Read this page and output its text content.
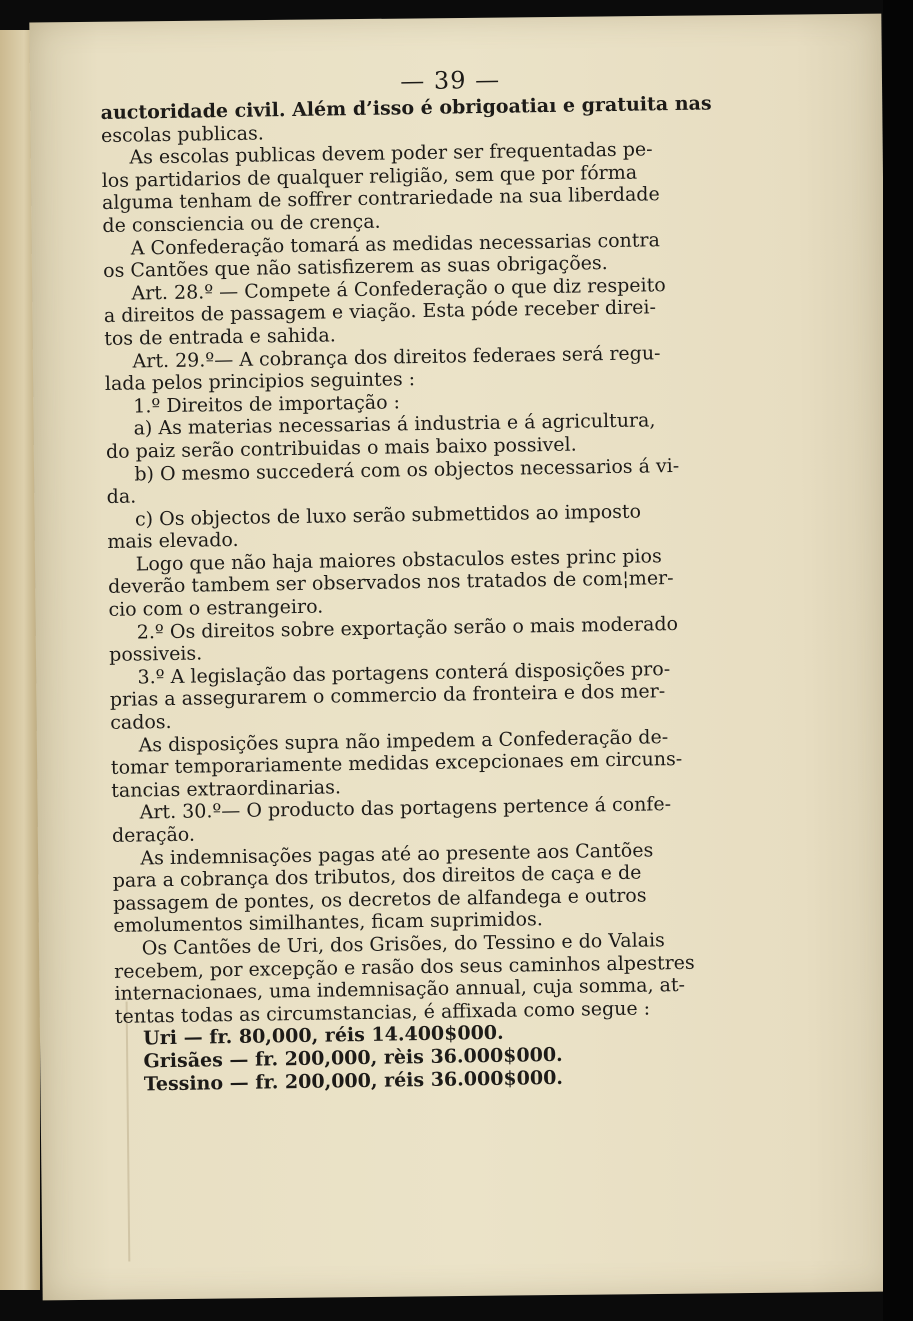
— 39 —
auctoridade civil. Além d’isso é obrigoatiaı e gratuita nas
escolas publicas.
As escolas publicas devem poder ser frequentadas pe-
los partidarios de qualquer religião, sem que por fórma
alguma tenham de soffrer contrariedade na sua liberdade
de consciencia ou de crença.
A Confederação tomará as medidas necessarias contra
os Cantões que não satisfizerem as suas obrigações.
Art. 28.º — Compete á Confederação o que diz respeito
a direitos de passagem e viação. Esta póde receber direi-
tos de entrada e sahida.
Art. 29.º— A cobrança dos direitos federaes será regu-
lada pelos principios seguintes :
1.º Direitos de importação :
a) As materias necessarias á industria e á agricultura,
do paiz serão contribuidas o mais baixo possivel.
b) O mesmo succederá com os objectos necessarios á vi-
da.
c) Os objectos de luxo serão submettidos ao imposto
mais elevado.
Logo que não haja maiores obstaculos estes princ pios
deverão tambem ser observados nos tratados de com¦mer-
cio com o estrangeiro.
2.º Os direitos sobre exportação serão o mais moderado
possiveis.
3.º A legislação das portagens conterá disposições pro-
prias a assegurarem o commercio da fronteira e dos mer-
cados.
As disposições supra não impedem a Confederação de-
tomar temporariamente medidas excepcionaes em circuns-
tancias extraordinarias.
Art. 30.º— O producto das portagens pertence á confe-
deração.
As indemnisações pagas até ao presente aos Cantões
para a cobrança dos tributos, dos direitos de caça e de
passagem de pontes, os decretos de alfandega e outros
emolumentos similhantes, ficam suprimidos.
Os Cantões de Uri, dos Grisões, do Tessino e do Valais
recebem, por excepção e rasão dos seus caminhos alpestres
internacionaes, uma indemnisação annual, cuja somma, at-
tentas todas as circumstancias, é affixada como segue :
Uri — fr. 80,000, réis 14.400$000.
Grisães — fr. 200,000, rèis 36.000$000.
Tessino — fr. 200,000, réis 36.000$000.
